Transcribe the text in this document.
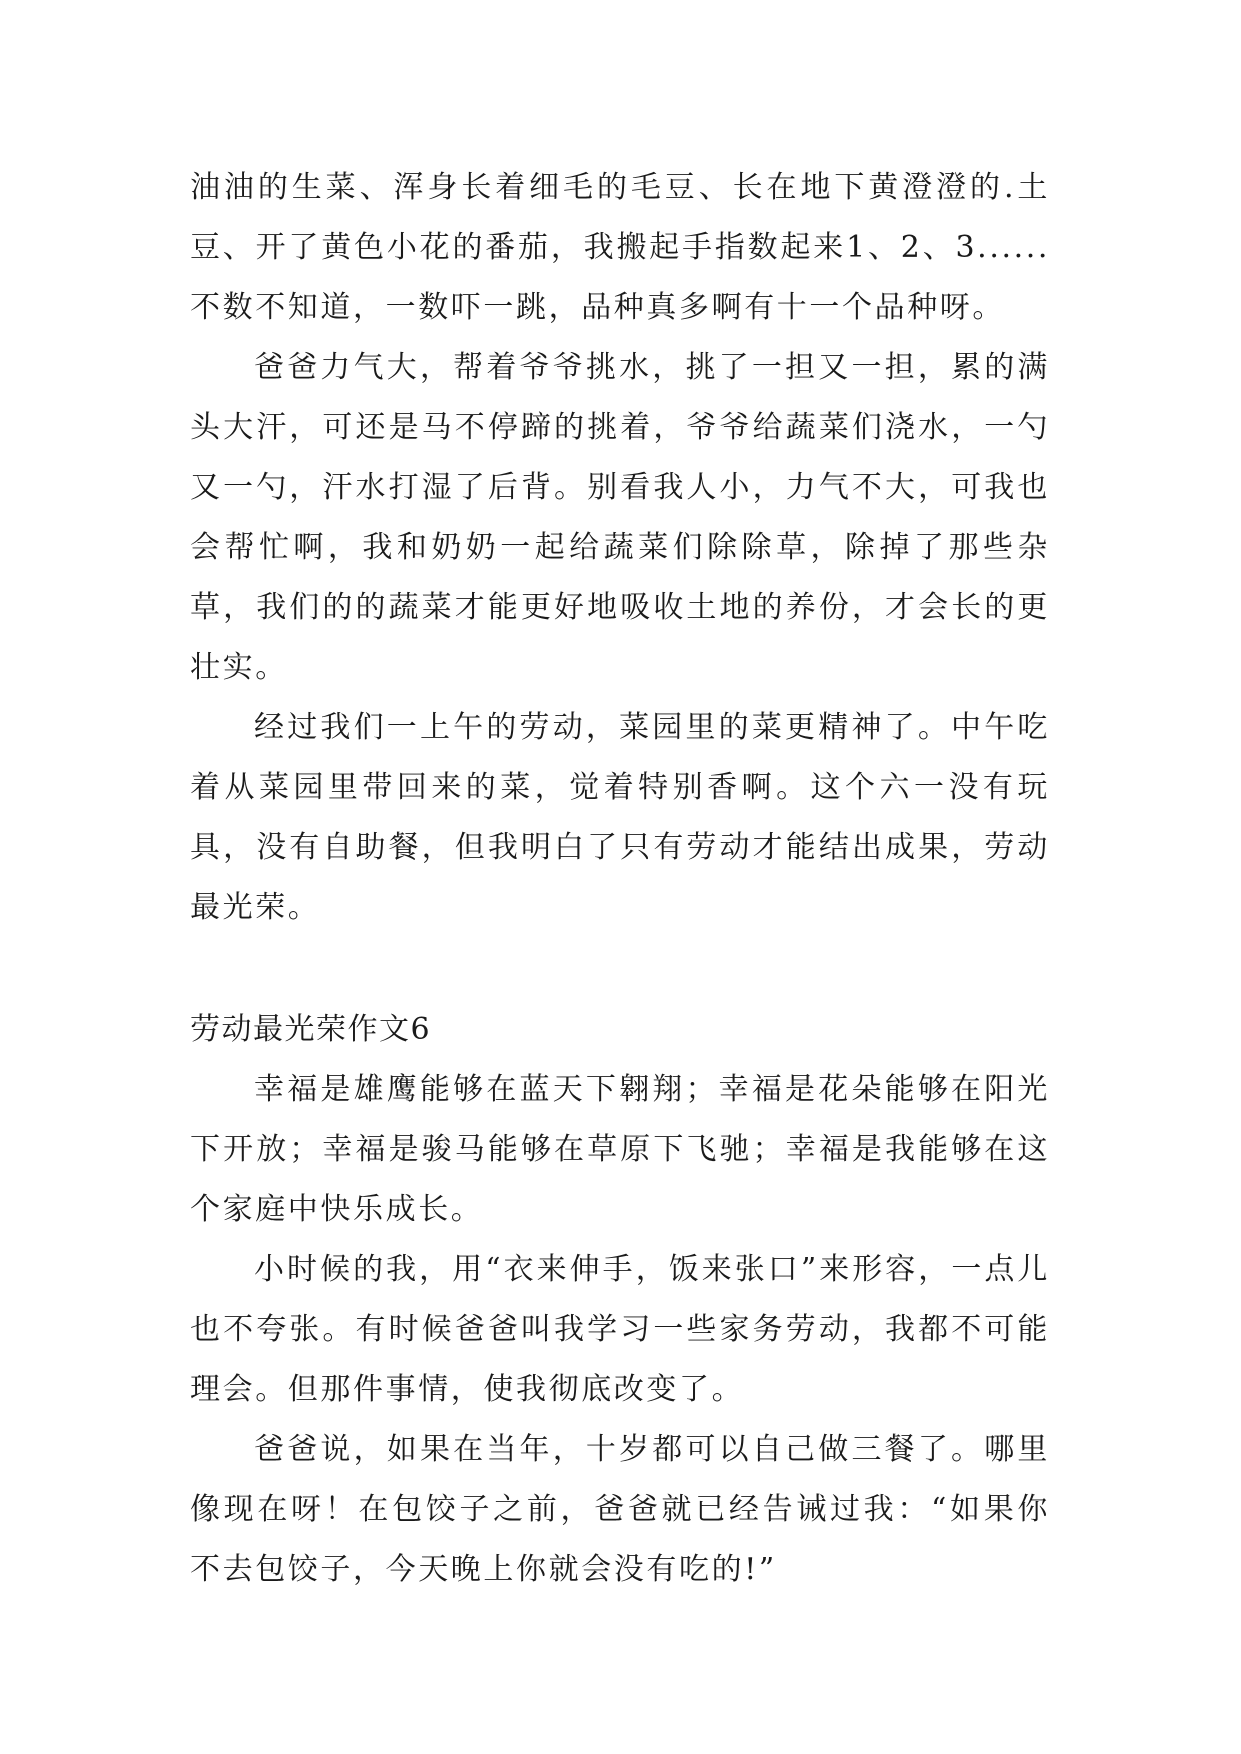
油油的生菜、浑身长着细毛的毛豆、长在地下黄澄澄的.土豆、开了黄色小花的番茄，我搬起手指数起来1、2、3......不数不知道，一数吓一跳，品种真多啊有十一个品种呀。

爸爸力气大，帮着爷爷挑水，挑了一担又一担，累的满头大汗，可还是马不停蹄的挑着，爷爷给蔬菜们浇水，一勺又一勺，汗水打湿了后背。别看我人小，力气不大，可我也会帮忙啊，我和奶奶一起给蔬菜们除除草，除掉了那些杂草，我们的的蔬菜才能更好地吸收土地的养份，才会长的更壮实。

经过我们一上午的劳动，菜园里的菜更精神了。中午吃着从菜园里带回来的菜，觉着特别香啊。这个六一没有玩具，没有自助餐，但我明白了只有劳动才能结出成果，劳动最光荣。

劳动最光荣作文6

幸福是雄鹰能够在蓝天下翱翔；幸福是花朵能够在阳光下开放；幸福是骏马能够在草原下飞驰；幸福是我能够在这个家庭中快乐成长。

小时候的我，用“衣来伸手，饭来张口”来形容，一点儿也不夸张。有时候爸爸叫我学习一些家务劳动，我都不可能理会。但那件事情，使我彻底改变了。

爸爸说，如果在当年，十岁都可以自己做三餐了。哪里像现在呀！在包饺子之前，爸爸就已经告诫过我：“如果你不去包饺子，今天晚上你就会没有吃的!”
